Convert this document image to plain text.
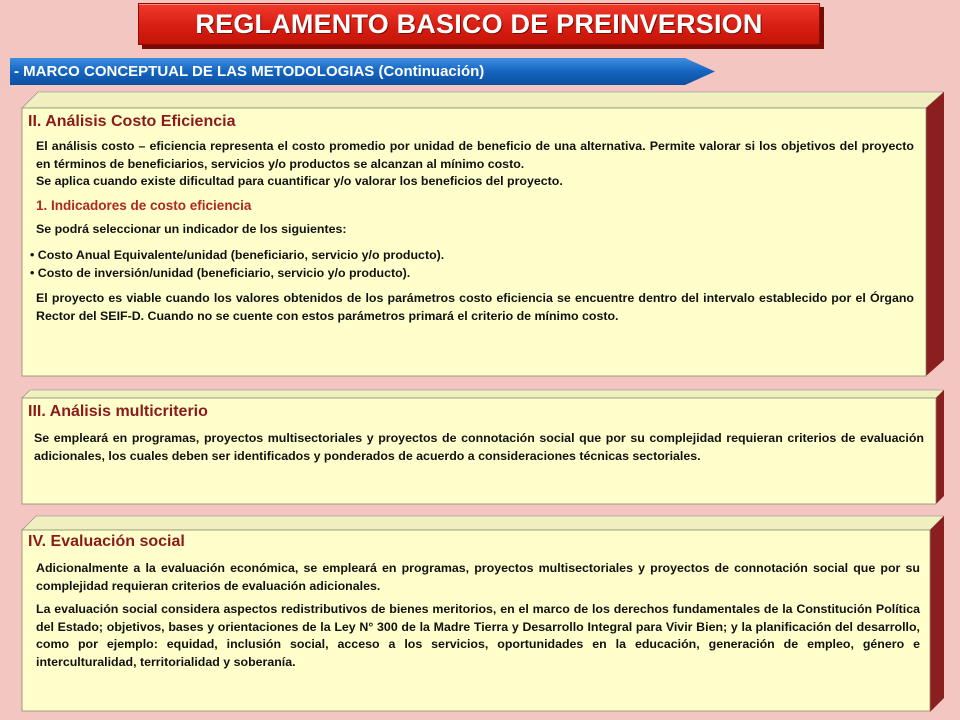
REGLAMENTO BASICO DE PREINVERSION
- MARCO CONCEPTUAL DE LAS METODOLOGIAS (Continuación)

II. Análisis Costo Eficiencia

El análisis costo – eficiencia representa el costo promedio por unidad de beneficio de una alternativa. Permite valorar si los objetivos del proyecto en términos de beneficiarios, servicios y/o productos se alcanzan al mínimo costo.

Se aplica cuando existe dificultad para cuantificar y/o valorar los beneficios del proyecto.

1. Indicadores de costo eficiencia

Se podrá seleccionar un indicador de los siguientes:

• Costo Anual Equivalente/unidad (beneficiario, servicio y/o producto).

• Costo de inversión/unidad (beneficiario, servicio y/o producto).

El proyecto es viable cuando los valores obtenidos de los parámetros costo eficiencia se encuentre dentro del intervalo establecido por el Órgano Rector del SEIF-D. Cuando no se cuente con estos parámetros primará el criterio de mínimo costo.

III. Análisis multicriterio

Se empleará en programas, proyectos multisectoriales y proyectos de connotación social que por su complejidad requieran criterios de evaluación adicionales, los cuales deben ser identificados y ponderados de acuerdo a consideraciones técnicas sectoriales.

IV. Evaluación social

Adicionalmente a la evaluación económica, se empleará en programas, proyectos multisectoriales y proyectos de connotación social que por su complejidad requieran criterios de evaluación adicionales.

La evaluación social considera aspectos redistributivos de bienes meritorios, en el marco de los derechos fundamentales de la Constitución Política del Estado; objetivos, bases y orientaciones de la Ley N° 300 de la Madre Tierra y Desarrollo Integral para Vivir Bien; y la planificación del desarrollo, como por ejemplo: equidad, inclusión social, acceso a los servicios, oportunidades en la educación, generación de empleo, género e interculturalidad, territorialidad y soberanía.
